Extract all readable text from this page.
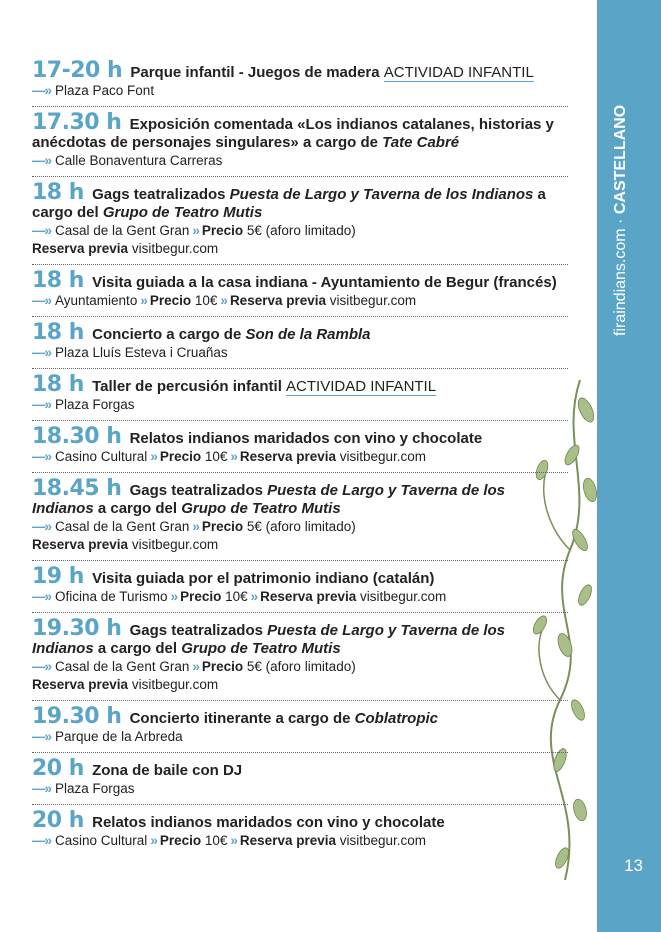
firaindians.com · CASTELLANO
13
17-20 h Parque infantil - Juegos de madera ACTIVIDAD INFANTIL
—» Plaza Paco Font
17.30 h Exposición comentada «Los indianos catalanes, historias y anécdotas de personajes singulares» a cargo de Tate Cabré
—» Calle Bonaventura Carreras
18 h Gags teatralizados Puesta de Largo y Taverna de los Indianos a cargo del Grupo de Teatro Mutis
—» Casal de la Gent Gran » Precio 5€ (aforo limitado)
Reserva previa visitbegur.com
18 h Visita guiada a la casa indiana - Ayuntamiento de Begur (francés)
—» Ayuntamiento » Precio 10€ » Reserva previa visitbegur.com
18 h Concierto a cargo de Son de la Rambla
—» Plaza Lluís Esteva i Cruañas
18 h Taller de percusión infantil ACTIVIDAD INFANTIL
—» Plaza Forgas
18.30 h Relatos indianos maridados con vino y chocolate
—» Casino Cultural » Precio 10€ » Reserva previa visitbegur.com
18.45 h Gags teatralizados Puesta de Largo y Taverna de los Indianos a cargo del Grupo de Teatro Mutis
—» Casal de la Gent Gran » Precio 5€ (aforo limitado)
Reserva previa visitbegur.com
19 h Visita guiada por el patrimonio indiano (catalán)
—» Oficina de Turismo » Precio 10€ » Reserva previa visitbegur.com
19.30 h Gags teatralizados Puesta de Largo y Taverna de los Indianos a cargo del Grupo de Teatro Mutis
—» Casal de la Gent Gran » Precio 5€ (aforo limitado)
Reserva previa visitbegur.com
19.30 h Concierto itinerante a cargo de Coblatropic
—» Parque de la Arbreda
20 h Zona de baile con DJ
—» Plaza Forgas
20 h Relatos indianos maridados con vino y chocolate
—» Casino Cultural » Precio 10€ » Reserva previa visitbegur.com
